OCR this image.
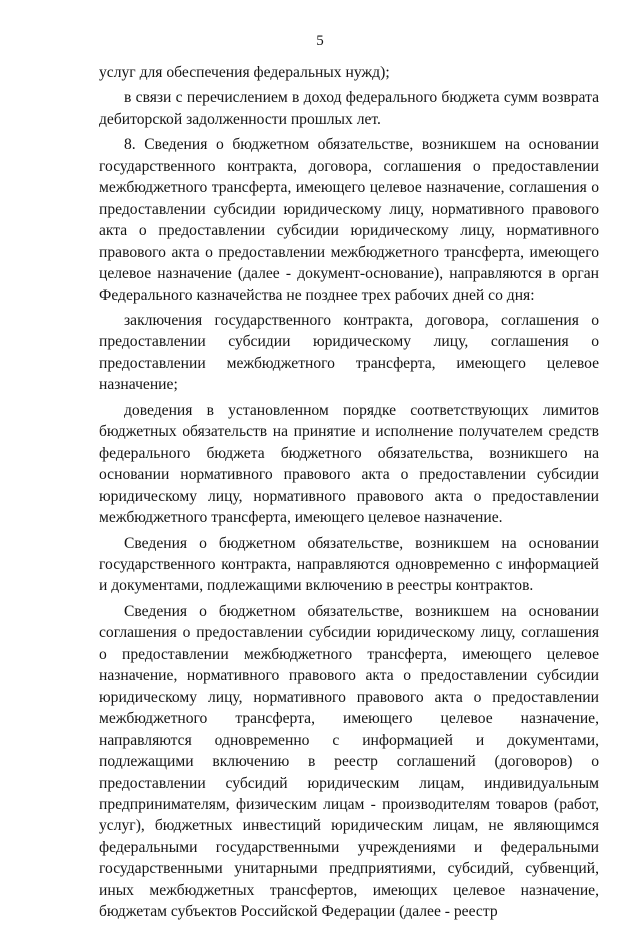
5

услуг для обеспечения федеральных нужд);

в связи с перечислением в доход федерального бюджета сумм возврата дебиторской задолженности прошлых лет.

8. Сведения о бюджетном обязательстве, возникшем на основании государственного контракта, договора, соглашения о предоставлении межбюджетного трансферта, имеющего целевое назначение, соглашения о предоставлении субсидии юридическому лицу, нормативного правового акта о предоставлении субсидии юридическому лицу, нормативного правового акта о предоставлении межбюджетного трансферта, имеющего целевое назначение (далее - документ-основание), направляются в орган Федерального казначейства не позднее трех рабочих дней со дня:

заключения государственного контракта, договора, соглашения о предоставлении субсидии юридическому лицу, соглашения о предоставлении межбюджетного трансферта, имеющего целевое назначение;

доведения в установленном порядке соответствующих лимитов бюджетных обязательств на принятие и исполнение получателем средств федерального бюджета бюджетного обязательства, возникшего на основании нормативного правового акта о предоставлении субсидии юридическому лицу, нормативного правового акта о предоставлении межбюджетного трансферта, имеющего целевое назначение.

Сведения о бюджетном обязательстве, возникшем на основании государственного контракта, направляются одновременно с информацией и документами, подлежащими включению в реестры контрактов.

Сведения о бюджетном обязательстве, возникшем на основании соглашения о предоставлении субсидии юридическому лицу, соглашения о предоставлении межбюджетного трансферта, имеющего целевое назначение, нормативного правового акта о предоставлении субсидии юридическому лицу, нормативного правового акта о предоставлении межбюджетного трансферта, имеющего целевое назначение, направляются одновременно с информацией и документами, подлежащими включению в реестр соглашений (договоров) о предоставлении субсидий юридическим лицам, индивидуальным предпринимателям, физическим лицам - производителям товаров (работ, услуг), бюджетных инвестиций юридическим лицам, не являющимся федеральными государственными учреждениями и федеральными государственными унитарными предприятиями, субсидий, субвенций, иных межбюджетных трансфертов, имеющих целевое назначение, бюджетам субъектов Российской Федерации (далее - реестр
